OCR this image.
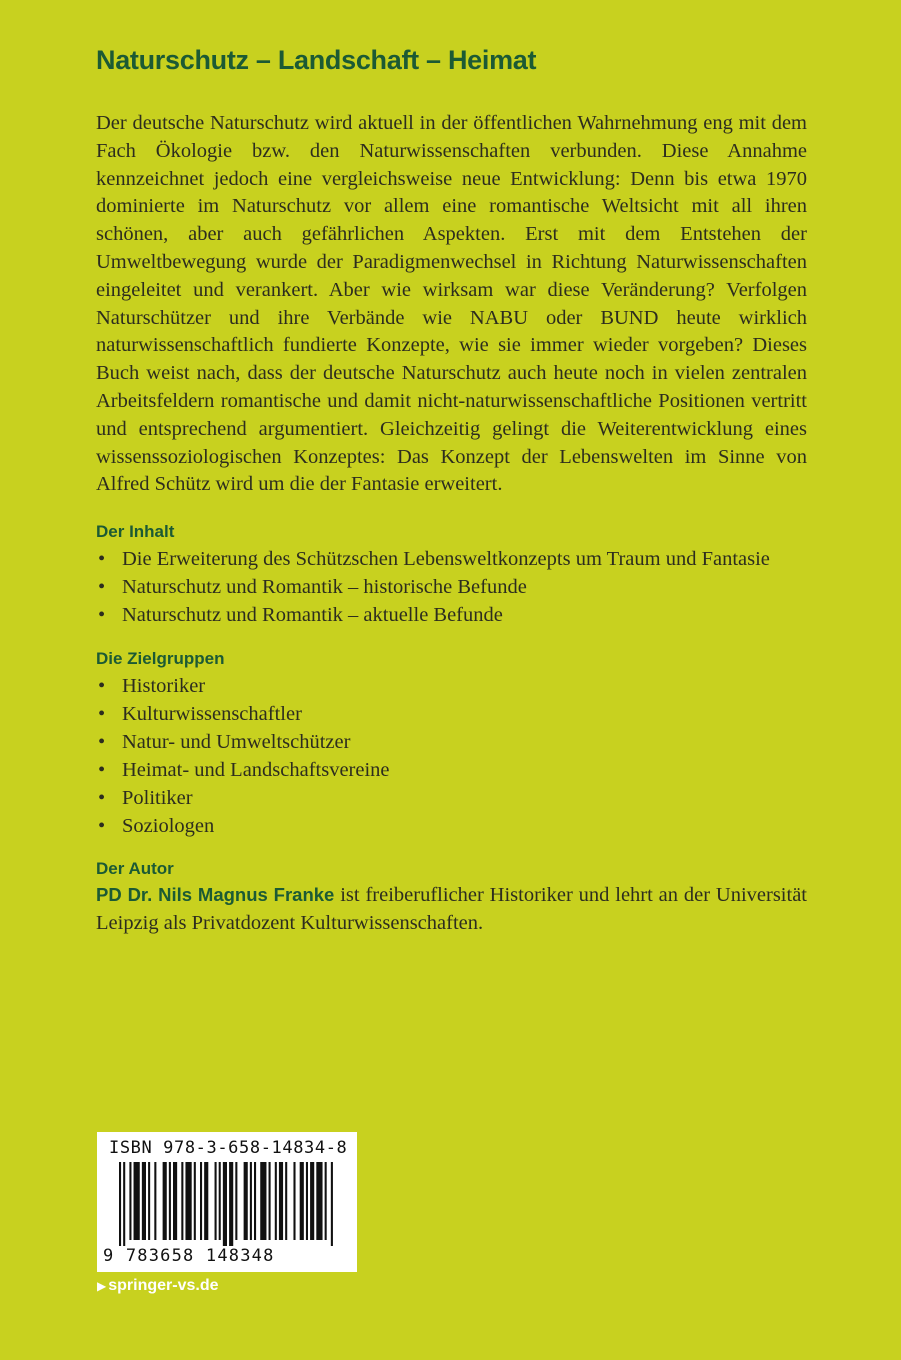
Naturschutz – Landschaft – Heimat

Der deutsche Naturschutz wird aktuell in der öffentlichen Wahrnehmung eng mit dem Fach Ökologie bzw. den Naturwissenschaften verbunden. Diese Annahme kennzeichnet jedoch eine vergleichsweise neue Entwicklung: Denn bis etwa 1970 dominierte im Naturschutz vor allem eine romantische Weltsicht mit all ihren schönen, aber auch gefährlichen Aspekten. Erst mit dem Entstehen der Umweltbewegung wurde der Paradigmenwechsel in Richtung Naturwissenschaften eingeleitet und verankert. Aber wie wirksam war diese Veränderung? Verfolgen Naturschützer und ihre Verbände wie NABU oder BUND heute wirklich naturwissenschaftlich fundierte Konzepte, wie sie immer wieder vorgeben? Dieses Buch weist nach, dass der deutsche Naturschutz auch heute noch in vielen zentralen Arbeitsfeldern romantische und damit nicht-naturwissenschaftliche Positionen vertritt und entsprechend argumentiert. Gleichzeitig gelingt die Weiterentwicklung eines wissenssoziologischen Konzeptes: Das Konzept der Lebenswelten im Sinne von Alfred Schütz wird um die der Fantasie erweitert.

Der Inhalt
• Die Erweiterung des Schützschen Lebensweltkonzepts um Traum und Fantasie
• Naturschutz und Romantik – historische Befunde
• Naturschutz und Romantik – aktuelle Befunde
Die Zielgruppen
• Historiker
• Kulturwissenschaftler
• Natur- und Umweltschützer
• Heimat- und Landschaftsvereine
• Politiker
• Soziologen
Der Autor

PD Dr. Nils Magnus Franke ist freiberuflicher Historiker und lehrt an der Universität Leipzig als Privatdozent Kulturwissenschaften.

ISBN 978-3-658-14834-8
9 783658 148348
▶ springer-vs.de
